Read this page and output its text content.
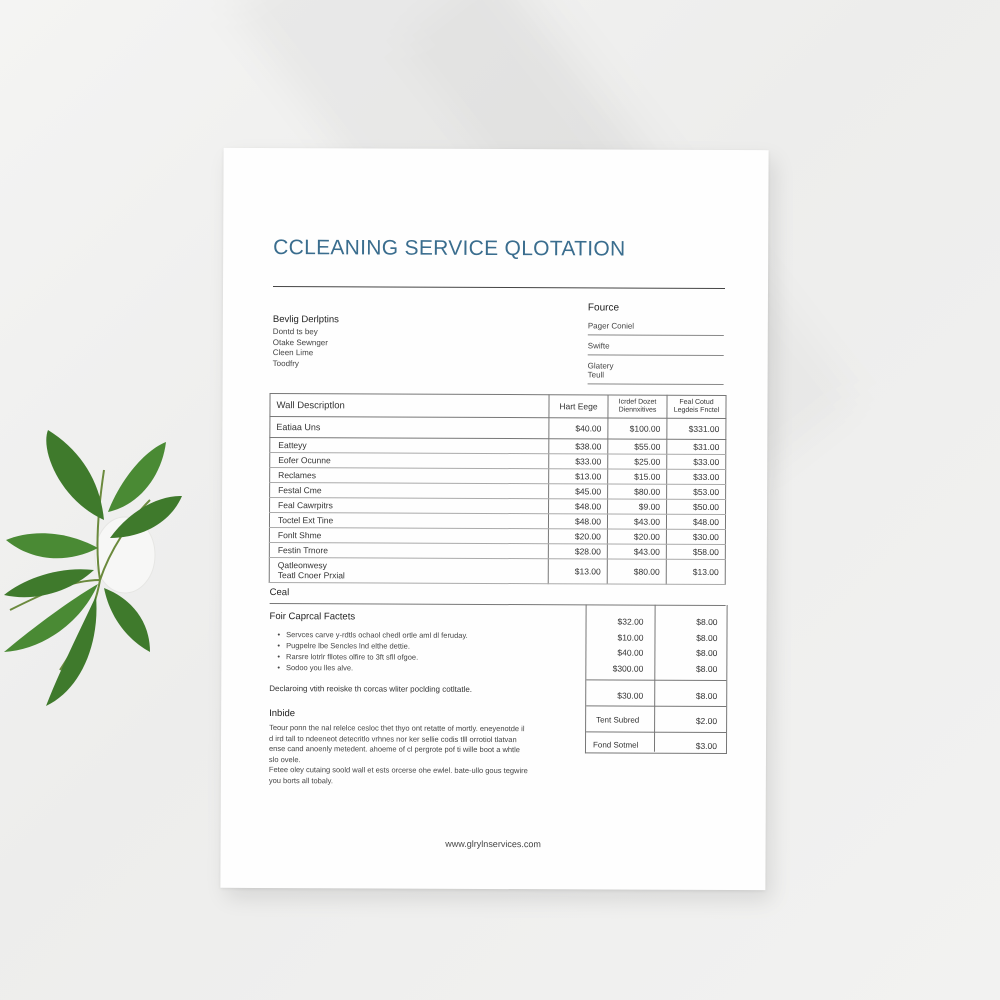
CCLEANING SERVICE QLOTATION
Bevlig Derlptins
Dontd ts bey
Otake Sewnger
Cleen Lime
Toodfry
Fource
Pager Coniel
Swifte
Glatery
Teull
Wall Descriptlon	Hart Eege	Icrdef Dozet Diennxitives	Feal Cotud Legdeis Fnctel
Eatiaa Uns	$40.00	$100.00	$331.00
Eatteyy	$38.00	$55.00	$31.00
Eofer Ocunne	$33.00	$25.00	$33.00
Reclames	$13.00	$15.00	$33.00
Festal Cme	$45.00	$80.00	$53.00
Feal Cawrpitrs	$48.00	$9.00	$50.00
Toctel Ext Tine	$48.00	$43.00	$48.00
Fonlt Shme	$20.00	$20.00	$30.00
Festin Trnore	$28.00	$43.00	$58.00

Qatleonwesy
Teatl Cnoer Prxial	$13.00	$80.00	$13.00
Ceal
Foir Caprcal Factets
• Servces carve y-rdtls ochaol chedl ortle aml dl feruday.
• Pugpelre lbe Sencles lnd elthe dettie.
• Rarsre lotrlr fllotes olfire to 3ft sfll ofgoe.
• Sodoo you lles alve.
$32.00	$8.00
$10.00	$8.00
$40.00	$8.00
$300.00	$8.00
$30.00	$8.00
Tent Subred	$2.00
Fond Sotmel	$3.00
Declaroing vtith reoiske th corcas wliter poclding cotltatle.
Inbide
Teour ponn the nal relelce cesloc thet thyo ont retatte of mortly. eneyenotde il d ird tall to ndeeneot detecritlo vrhnes nor ker sellie codis tlll orrotiol tlatvan ense cand anoenly metedent. ahoeme of cl pergrote pof ti wille boot a whtle slo ovele.
Fetee oley cutaing soold wall et ests orcerse ohe ewlel. bate-ullo gous tegwire you borts all tobaly.
www.glrylnservices.com
